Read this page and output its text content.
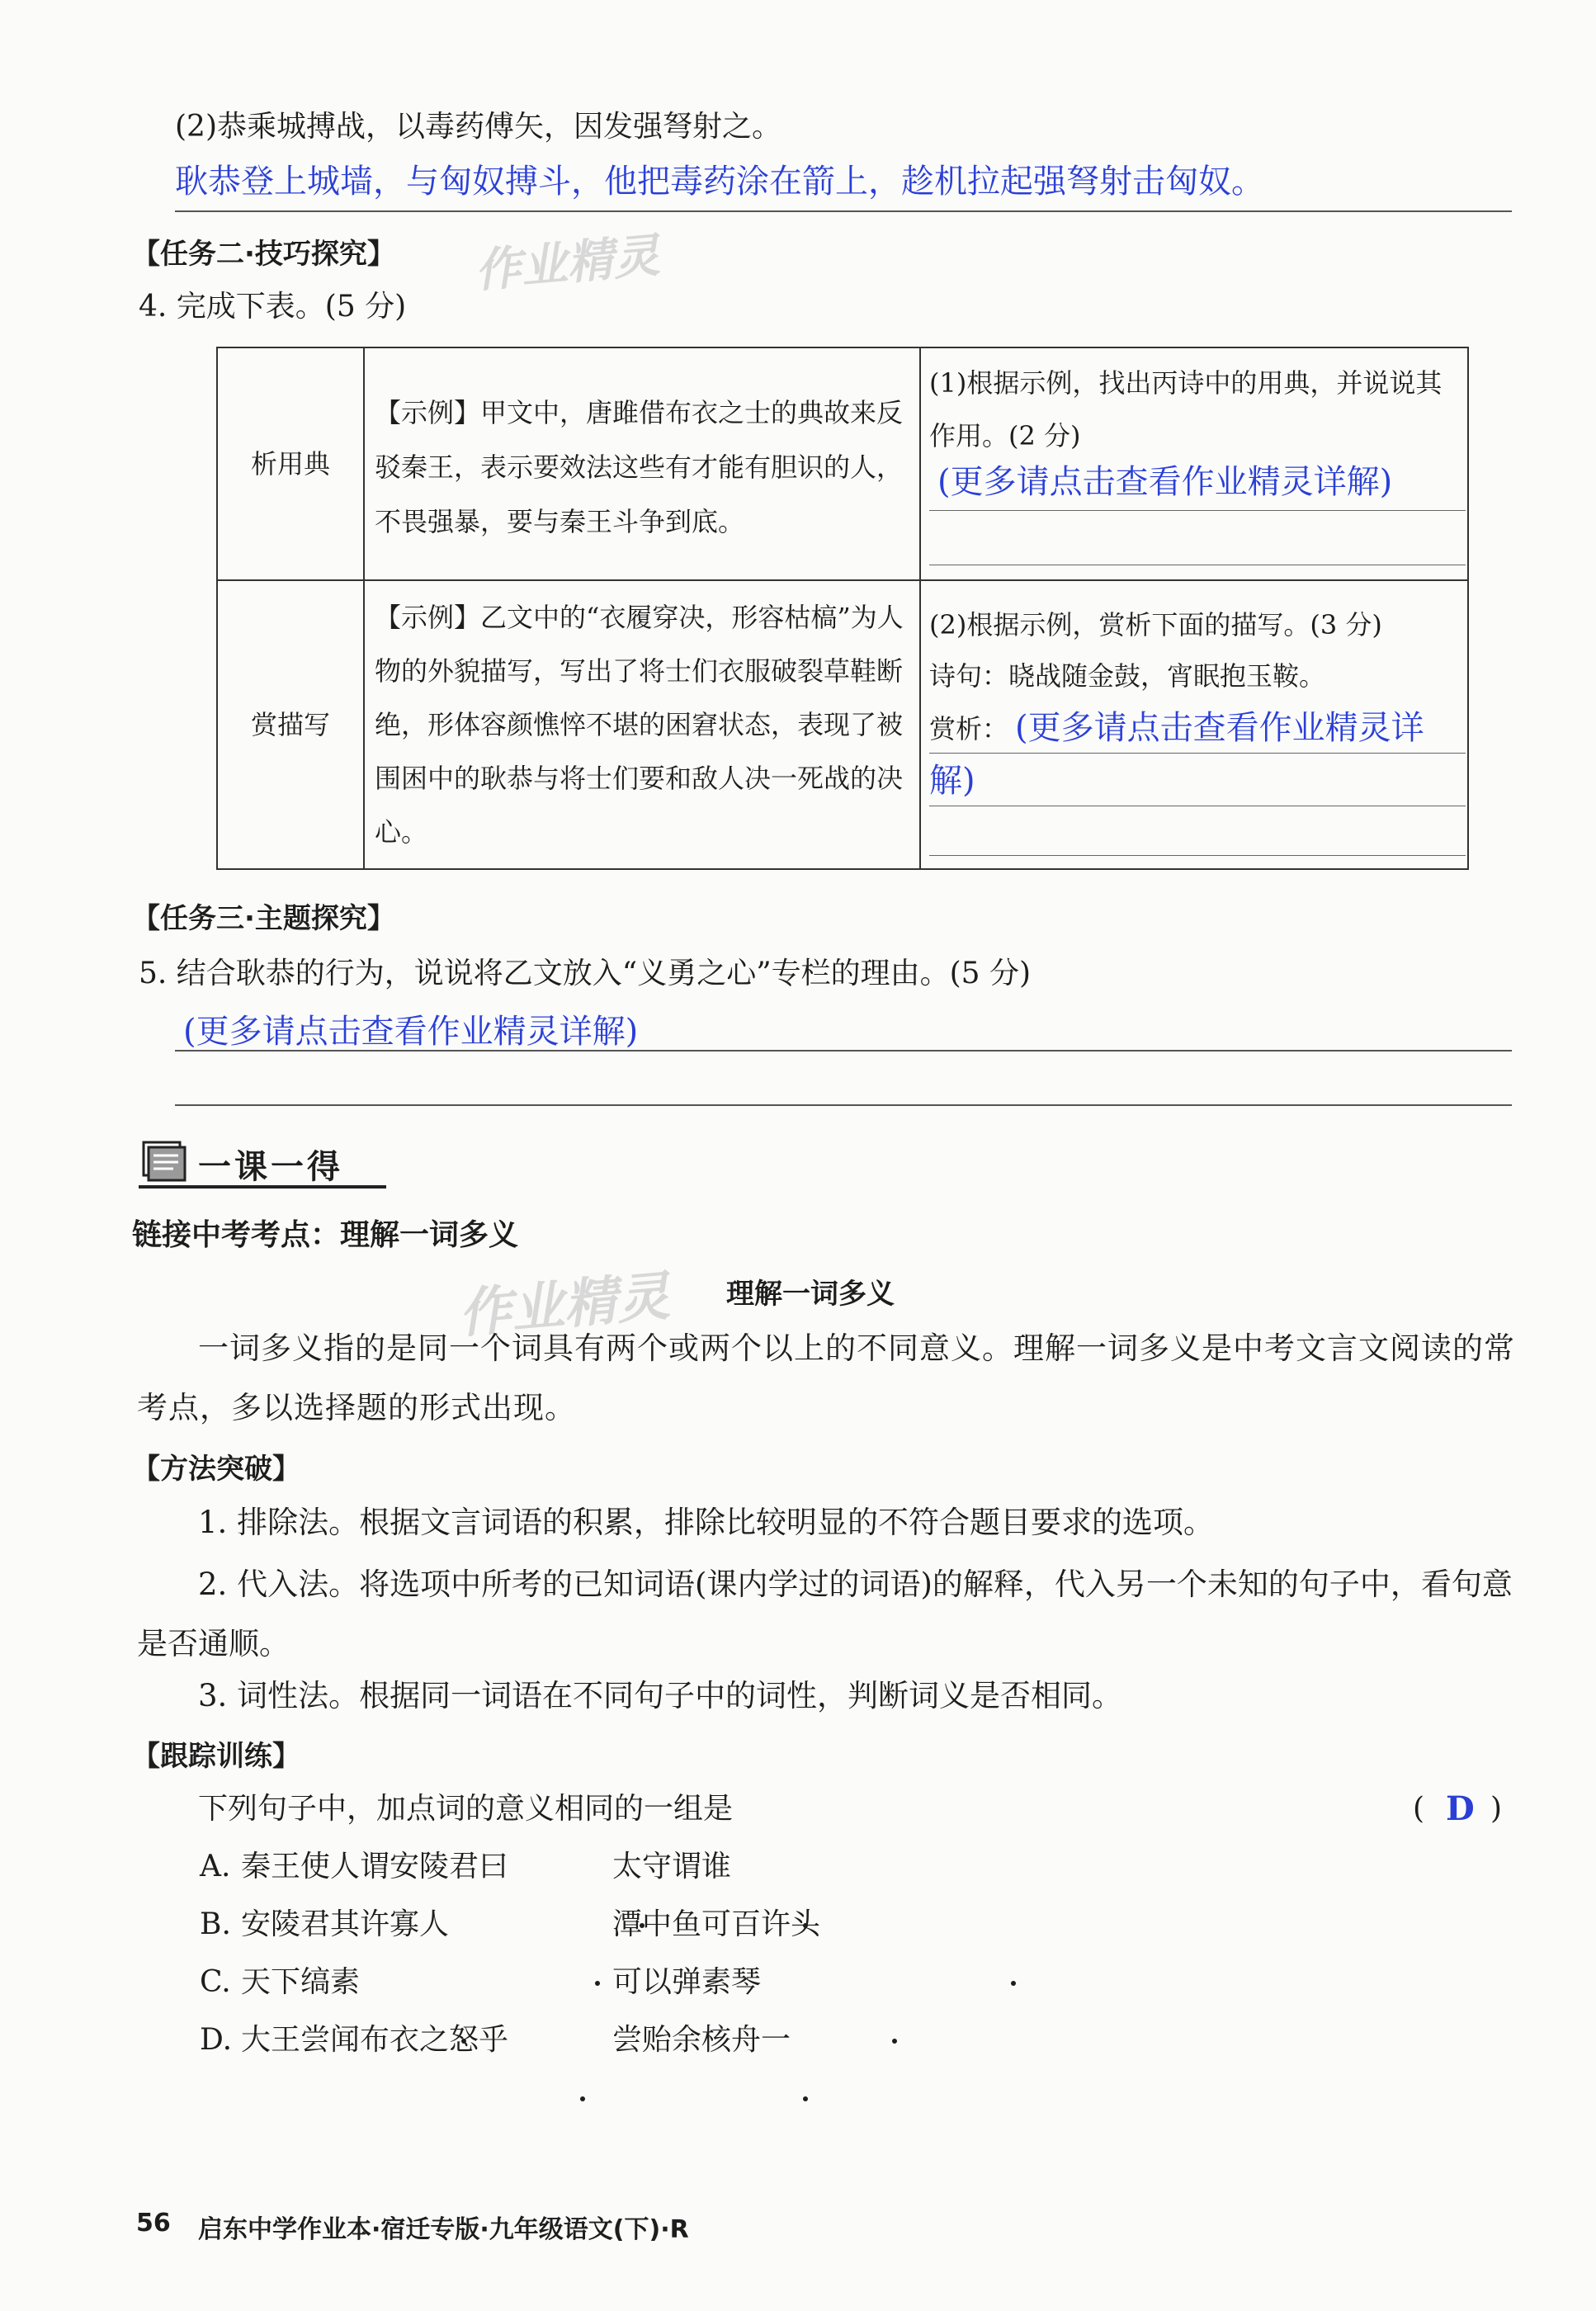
(2)恭乘城搏战，以毒药傅矢，因发强弩射之。
耿恭登上城墙，与匈奴搏斗，他把毒药涂在箭上，趁机拉起强弩射击匈奴。
【任务二·技巧探究】 作业精灵
4. 完成下表。(5 分)
析用典	【示例】甲文中，唐雎借布衣之士的典故来反驳秦王，表示要效法这些有才能有胆识的人，不畏强暴，要与秦王斗争到底。	(1)根据示例，找出丙诗中的用典，并说说其作用。(2 分)
(更多请点击查看作业精灵详解)

赏描写	【示例】乙文中的“衣履穿决，形容枯槁”为人物的外貌描写，写出了将士们衣服破裂草鞋断绝，形体容颜憔悴不堪的困窘状态，表现了被围困中的耿恭与将士们要和敌人决一死战的决心。	(2)根据示例，赏析下面的描写。(3 分)
诗句：晓战随金鼓，宵眠抱玉鞍。
赏析： (更多请点击查看作业精灵详解)
【任务三·主题探究】
5. 结合耿恭的行为，说说将乙文放入“义勇之心”专栏的理由。(5 分)
(更多请点击查看作业精灵详解)
一课一得
链接中考考点：理解一词多义
作业精灵 理解一词多义
一词多义指的是同一个词具有两个或两个以上的不同意义。理解一词多义是中考文言文阅读的常考点，多以选择题的形式出现。
【方法突破】
1. 排除法。根据文言词语的积累，排除比较明显的不符合题目要求的选项。
2. 代入法。将选项中所考的已知词语(课内学过的词语)的解释，代入另一个未知的句子中，看句意是否通顺。
3. 词性法。根据同一词语在不同句子中的词性，判断词义是否相同。
【跟踪训练】
下列句子中，加点词的意义相同的一组是	( D )
A. 秦王使人谓安陵君曰	太守谓谁
B. 安陵君其许寡人	潭中鱼可百许头
C. 天下缟素	可以弹素琴
D. 大王尝闻布衣之怒乎	尝贻余核舟一
56 启东中学作业本·宿迁专版·九年级语文(下)·R
